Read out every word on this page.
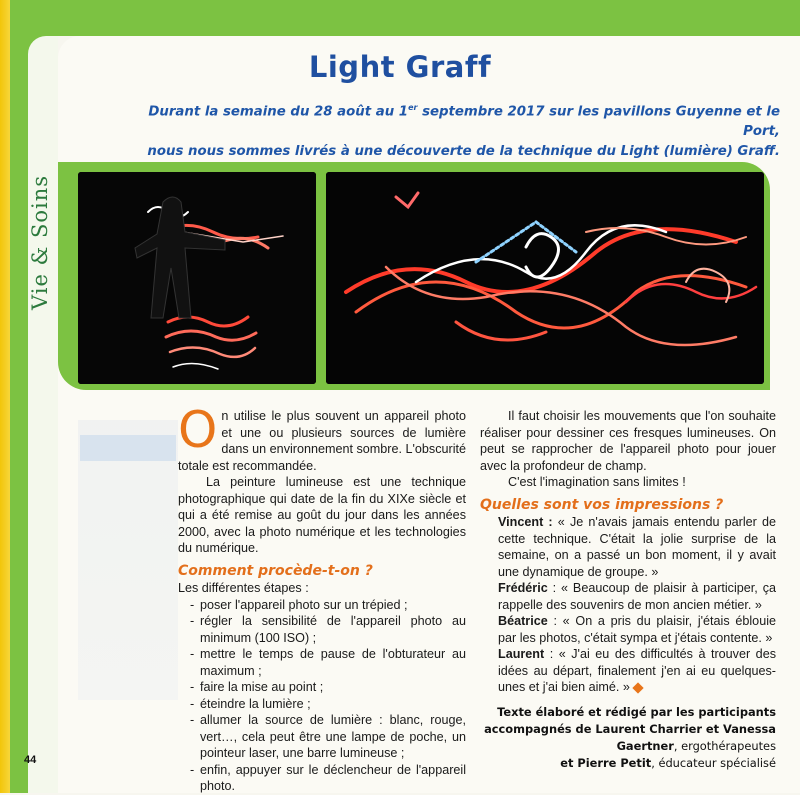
Vie & Soins
44
Light Graff
Durant la semaine du 28 août au 1er septembre 2017 sur les pavillons Guyenne et le Port,
nous nous sommes livrés à une découverte de la technique du Light (lumière) Graff.

On utilise le plus souvent un appareil photo et une ou plusieurs sources de lumière dans un environnement sombre. L'obscurité totale est recommandée.

La peinture lumineuse est une technique photographique qui date de la fin du XIXe siècle et qui a été remise au goût du jour dans les années 2000, avec la photo numérique et les technologies du numérique.

Comment procède-t-on ?

Les différentes étapes :

- poser l'appareil photo sur un trépied ;
- régler la sensibilité de l'appareil photo au minimum (100 ISO) ;
- mettre le temps de pause de l'obturateur au maximum ;
- faire la mise au point ;
- éteindre la lumière ;
- allumer la source de lumière : blanc, rouge, vert…, cela peut être une lampe de poche, un pointeur laser, une barre lumineuse ;
- enfin, appuyer sur le déclencheur de l'appareil photo.

Il faut choisir les mouvements que l'on souhaite réaliser pour dessiner ces fresques lumineuses. On peut se rapprocher de l'appareil photo pour jouer avec la profondeur de champ.

C'est l'imagination sans limites !

Quelles sont vos impressions ?

Vincent : « Je n'avais jamais entendu parler de cette technique. C'était la jolie surprise de la semaine, on a passé un bon moment, il y avait une dynamique de groupe. »

Frédéric : « Beaucoup de plaisir à participer, ça rappelle des souvenirs de mon ancien métier. »

Béatrice : « On a pris du plaisir, j'étais éblouie par les photos, c'était sympa et j'étais contente. »

Laurent : « J'ai eu des difficultés à trouver des idées au départ, finalement j'en ai eu quelques-unes et j'ai bien aimé. »

Texte élaboré et rédigé par les participants
accompagnés de Laurent Charrier et Vanessa
Gaertner, ergothérapeutes
et Pierre Petit, éducateur spécialisé
